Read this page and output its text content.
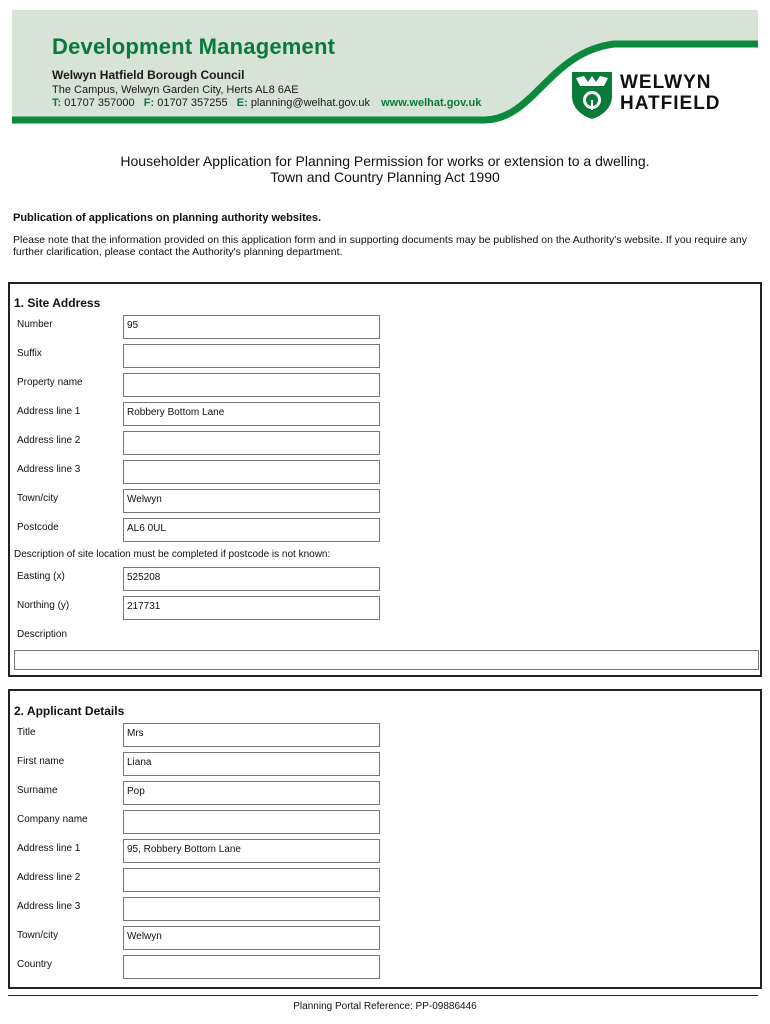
Development Management
Welwyn Hatfield Borough Council
The Campus, Welwyn Garden City, Herts AL8 6AE
T: 01707 357000 F: 01707 357255 E: planning@welhat.gov.uk www.welhat.gov.uk
WELWYN
HATFIELD
Householder Application for Planning Permission for works or extension to a dwelling.
Town and Country Planning Act 1990
Publication of applications on planning authority websites.
Please note that the information provided on this application form and in supporting documents may be published on the Authority's website. If you require any further clarification, please contact the Authority's planning department.
1. Site Address
Number	95
Suffix
Property name
Address line 1	Robbery Bottom Lane
Address line 2
Address line 3
Town/city	Welwyn
Postcode	AL6 0UL
Description of site location must be completed if postcode is not known:
Easting (x)	525208
Northing (y)	217731
Description
2. Applicant Details
Title	Mrs
First name	Liana
Surname	Pop
Company name
Address line 1	95, Robbery Bottom Lane
Address line 2
Address line 3
Town/city	Welwyn
Country
Planning Portal Reference: PP-09886446
